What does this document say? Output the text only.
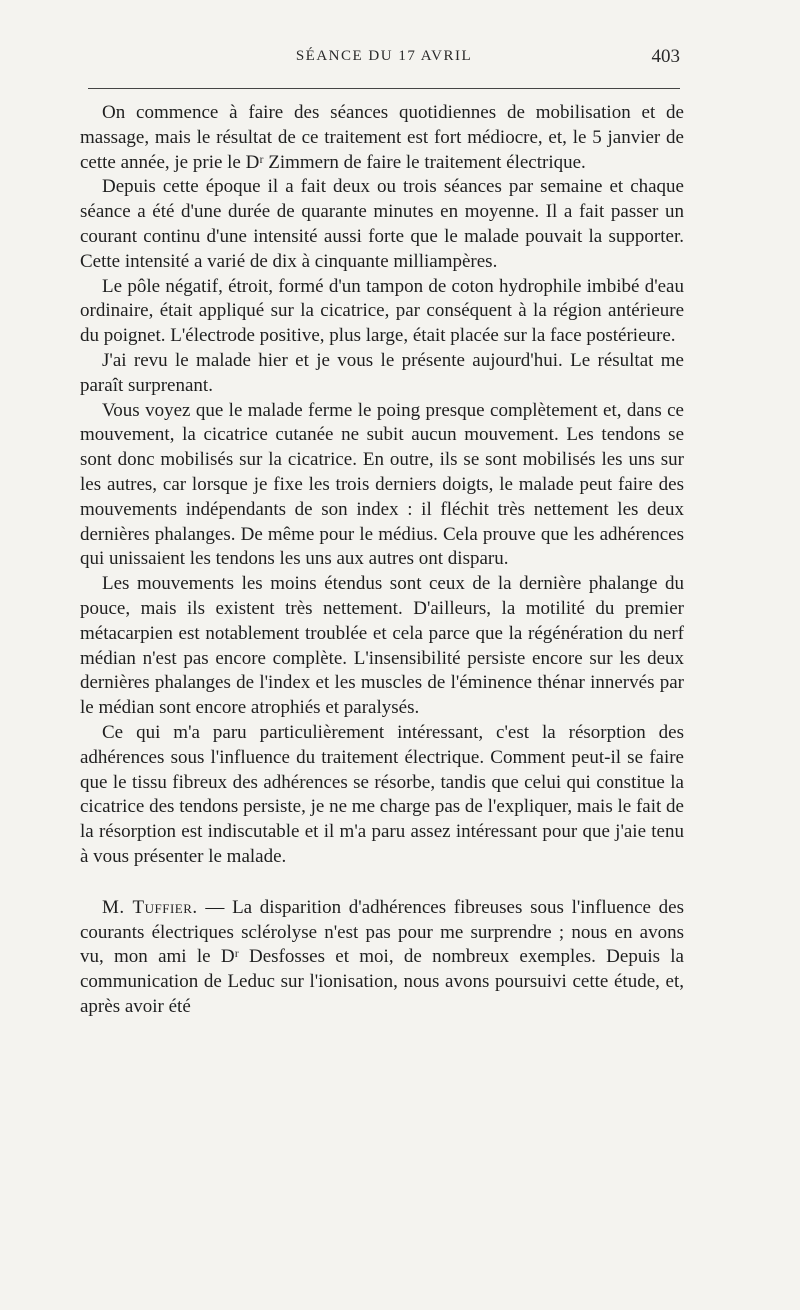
SÉANCE DU 17 AVRIL	403

On commence à faire des séances quotidiennes de mobilisation et de massage, mais le résultat de ce traitement est fort médiocre, et, le 5 janvier de cette année, je prie le Dʳ Zimmern de faire le traitement électrique.

Depuis cette époque il a fait deux ou trois séances par semaine et chaque séance a été d'une durée de quarante minutes en moyenne. Il a fait passer un courant continu d'une intensité aussi forte que le malade pouvait la supporter. Cette intensité a varié de dix à cinquante milliampères.

Le pôle négatif, étroit, formé d'un tampon de coton hydrophile imbibé d'eau ordinaire, était appliqué sur la cicatrice, par conséquent à la région antérieure du poignet. L'électrode positive, plus large, était placée sur la face postérieure.

J'ai revu le malade hier et je vous le présente aujourd'hui. Le résultat me paraît surprenant.

Vous voyez que le malade ferme le poing presque complètement et, dans ce mouvement, la cicatrice cutanée ne subit aucun mouvement. Les tendons se sont donc mobilisés sur la cicatrice. En outre, ils se sont mobilisés les uns sur les autres, car lorsque je fixe les trois derniers doigts, le malade peut faire des mouvements indépendants de son index : il fléchit très nettement les deux dernières phalanges. De même pour le médius. Cela prouve que les adhérences qui unissaient les tendons les uns aux autres ont disparu.

Les mouvements les moins étendus sont ceux de la dernière phalange du pouce, mais ils existent très nettement. D'ailleurs, la motilité du premier métacarpien est notablement troublée et cela parce que la régénération du nerf médian n'est pas encore complète. L'insensibilité persiste encore sur les deux dernières phalanges de l'index et les muscles de l'éminence thénar innervés par le médian sont encore atrophiés et paralysés.

Ce qui m'a paru particulièrement intéressant, c'est la résorption des adhérences sous l'influence du traitement électrique. Comment peut-il se faire que le tissu fibreux des adhérences se résorbe, tandis que celui qui constitue la cicatrice des tendons persiste, je ne me charge pas de l'expliquer, mais le fait de la résorption est indiscutable et il m'a paru assez intéressant pour que j'aie tenu à vous présenter le malade.

M. Tuffier. — La disparition d'adhérences fibreuses sous l'influence des courants électriques sclérolyse n'est pas pour me surprendre ; nous en avons vu, mon ami le Dʳ Desfosses et moi, de nombreux exemples. Depuis la communication de Leduc sur l'ionisation, nous avons poursuivi cette étude, et, après avoir été
